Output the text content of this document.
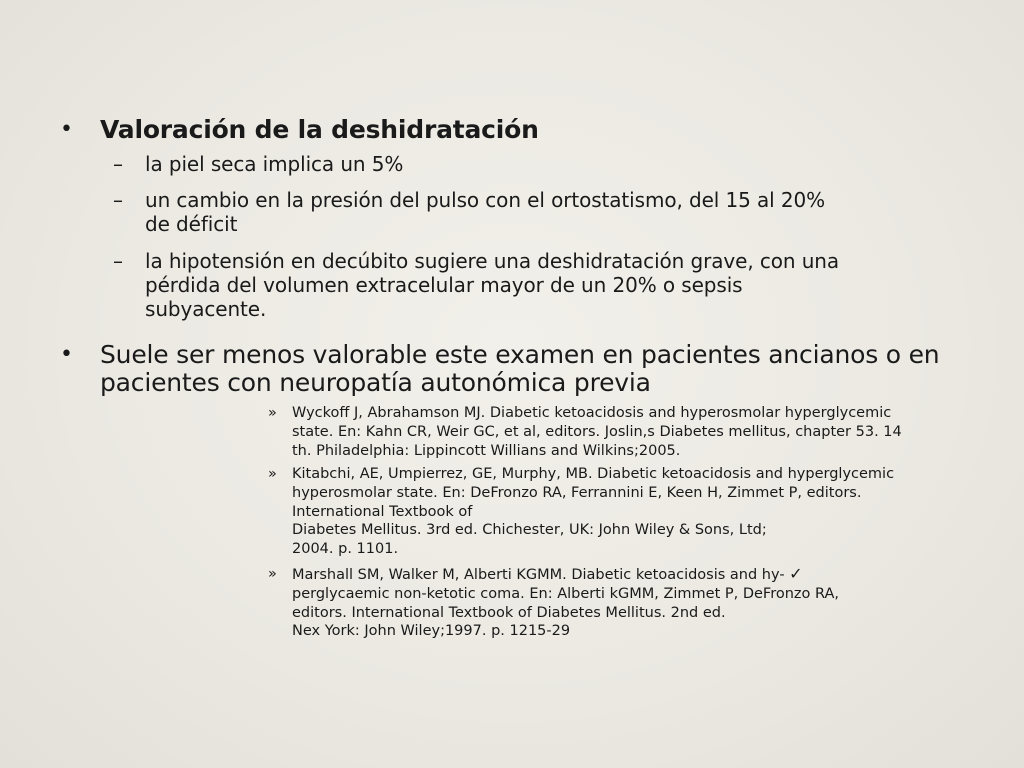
• Valoración de la deshidratación
– la piel seca implica un 5%
– un cambio en la presión del pulso con el ortostatismo, del 15 al 20%
de déficit
– la hipotensión en decúbito sugiere una deshidratación grave, con una
pérdida del volumen extracelular mayor de un 20% o sepsis
subyacente.
• Suele ser menos valorable este examen en pacientes ancianos o en
pacientes con neuropatía autonómica previa
» Wyckoff J, Abrahamson MJ. Diabetic ketoacidosis and hyperosmolar hyperglycemic
state. En: Kahn CR, Weir GC, et al, editors. Joslin,s Diabetes mellitus, chapter 53. 14
th. Philadelphia: Lippincott Willians and Wilkins;2005.
» Kitabchi, AE, Umpierrez, GE, Murphy, MB. Diabetic ketoacidosis and hyperglycemic
hyperosmolar state. En: DeFronzo RA, Ferrannini E, Keen H, Zimmet P, editors.
International Textbook of
Diabetes Mellitus. 3rd ed. Chichester, UK: John Wiley & Sons, Ltd;
2004. p. 1101.
» Marshall SM, Walker M, Alberti KGMM. Diabetic ketoacidosis and hy- ✓
perglycaemic non-ketotic coma. En: Alberti kGMM, Zimmet P, DeFronzo RA,
editors. International Textbook of Diabetes Mellitus. 2nd ed.
Nex York: John Wiley;1997. p. 1215-29
